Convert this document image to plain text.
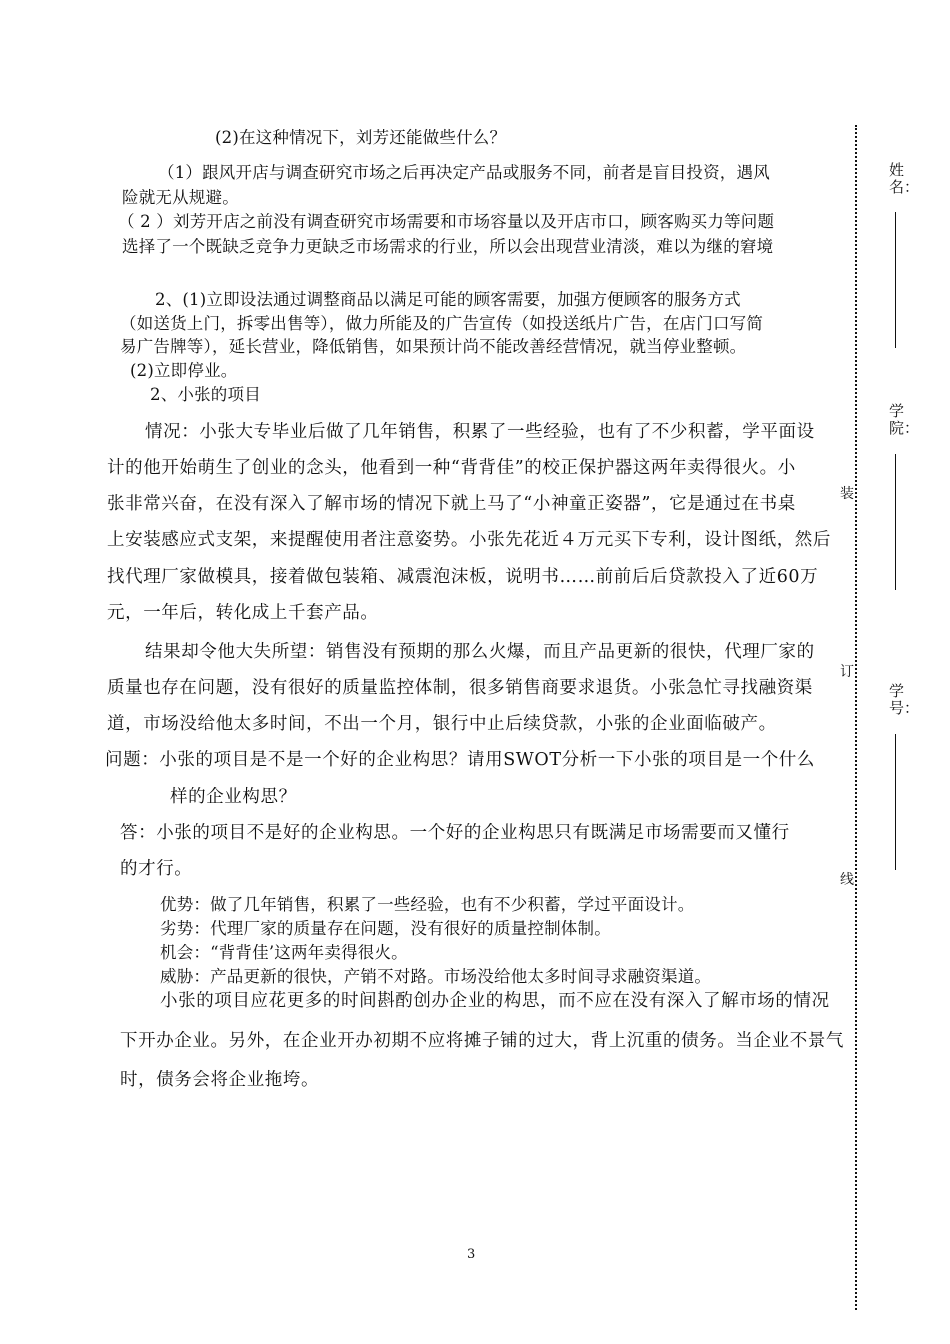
(2)在这种情况下，刘芳还能做些什么？
（1）跟风开店与调查研究市场之后再决定产品或服务不同，前者是盲目投资，遇风
险就无从规避。
（ 2 ）刘芳开店之前没有调查研究市场需要和市场容量以及开店市口，顾客购买力等问题
选择了一个既缺乏竞争力更缺乏市场需求的行业，所以会出现营业清淡，难以为继的窘境
2、(1)立即设法通过调整商品以满足可能的顾客需要，加强方便顾客的服务方式
（如送货上门，拆零出售等），做力所能及的广告宣传（如投送纸片广告，在店门口写简
易广告牌等），延长营业，降低销售，如果预计尚不能改善经营情况，就当停业整顿。
(2)立即停业。
2、小张的项目
情况：小张大专毕业后做了几年销售，积累了一些经验，也有了不少积蓄，学平面设
计的他开始萌生了创业的念头，他看到一种“背背佳”的校正保护器这两年卖得很火。小
张非常兴奋，在没有深入了解市场的情况下就上马了“小神童正姿器”，它是通过在书桌
上安装感应式支架，来提醒使用者注意姿势。小张先花近４万元买下专利，设计图纸，然后
找代理厂家做模具，接着做包装箱、减震泡沫板，说明书……前前后后贷款投入了近60万
元，一年后，转化成上千套产品。
结果却令他大失所望：销售没有预期的那么火爆，而且产品更新的很快，代理厂家的
质量也存在问题，没有很好的质量监控体制，很多销售商要求退货。小张急忙寻找融资渠
道，市场没给他太多时间，不出一个月，银行中止后续贷款，小张的企业面临破产。
问题：小张的项目是不是一个好的企业构思？请用SWOT分析一下小张的项目是一个什么
样的企业构思？
答：小张的项目不是好的企业构思。一个好的企业构思只有既满足市场需要而又懂行
的才行。
优势：做了几年销售，积累了一些经验，也有不少积蓄，学过平面设计。
劣势：代理厂家的质量存在问题，没有很好的质量控制体制。
机会：“背背佳’这两年卖得很火。
威胁：产品更新的很快，产销不对路。市场没给他太多时间寻求融资渠道。
小张的项目应花更多的时间斟酌创办企业的构思，而不应在没有深入了解市场的情况
下开办企业。另外，在企业开办初期不应将摊子铺的过大，背上沉重的债务。当企业不景气
时，债务会将企业拖垮。
3
装
订
线
姓名：
学院：
学号：
